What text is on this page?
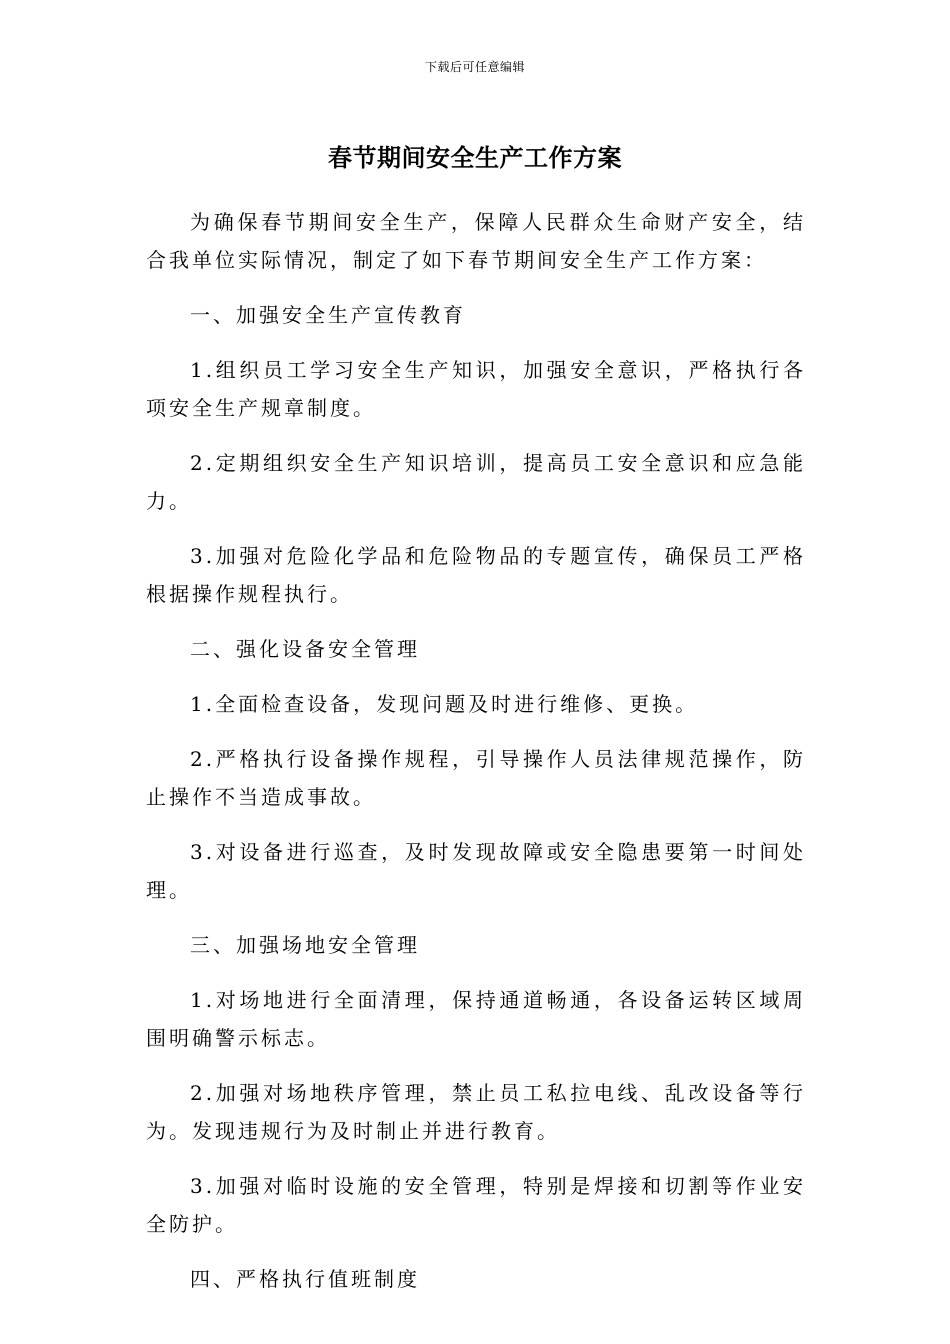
下载后可任意编辑
春节期间安全生产工作方案

为确保春节期间安全生产，保障人民群众生命财产安全，结合我单位实际情况，制定了如下春节期间安全生产工作方案：

一、加强安全生产宣传教育

1.组织员工学习安全生产知识，加强安全意识，严格执行各项安全生产规章制度。

2.定期组织安全生产知识培训，提高员工安全意识和应急能力。

3.加强对危险化学品和危险物品的专题宣传，确保员工严格根据操作规程执行。

二、强化设备安全管理

1.全面检查设备，发现问题及时进行维修、更换。

2.严格执行设备操作规程，引导操作人员法律规范操作，防止操作不当造成事故。

3.对设备进行巡查，及时发现故障或安全隐患要第一时间处理。

三、加强场地安全管理

1.对场地进行全面清理，保持通道畅通，各设备运转区域周围明确警示标志。

2.加强对场地秩序管理，禁止员工私拉电线、乱改设备等行为。发现违规行为及时制止并进行教育。

3.加强对临时设施的安全管理，特别是焊接和切割等作业安全防护。

四、严格执行值班制度
